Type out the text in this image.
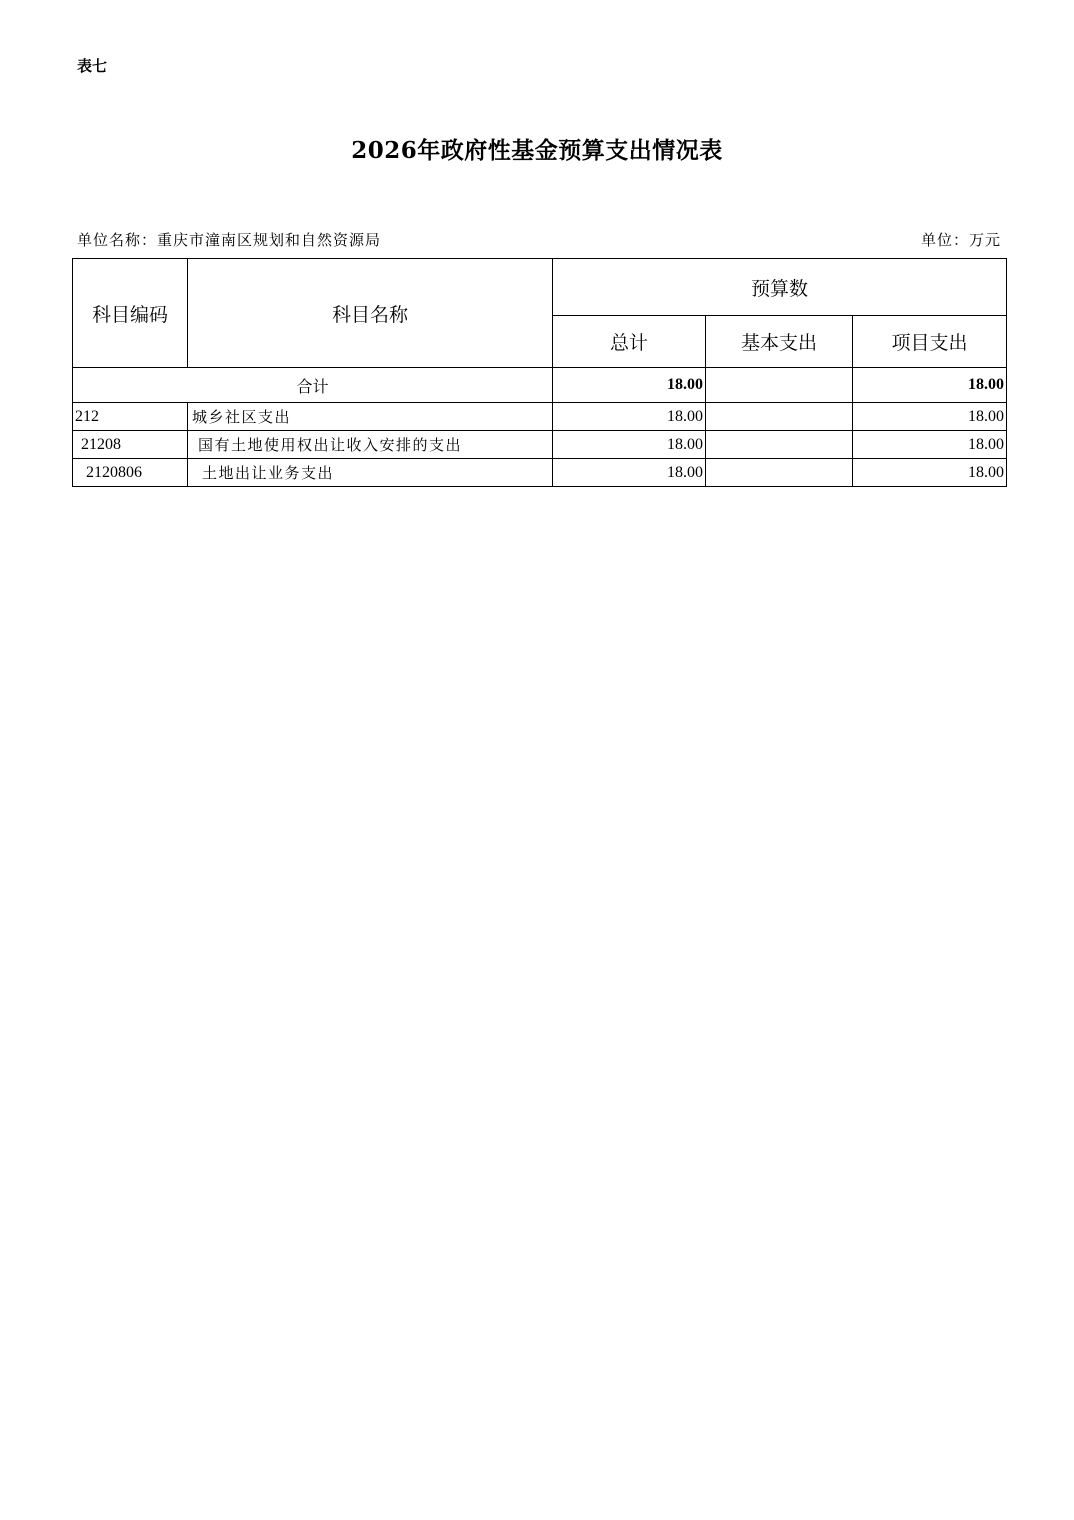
表七
2026年政府性基金预算支出情况表
单位名称：重庆市潼南区规划和自然资源局	单位：万元
科目编码	科目名称	预算数		
		总计	基本支出	项目支出
合计		18.00		18.00
212	城乡社区支出	18.00		18.00
21208	国有土地使用权出让收入安排的支出	18.00		18.00
2120806	土地出让业务支出	18.00		18.00
